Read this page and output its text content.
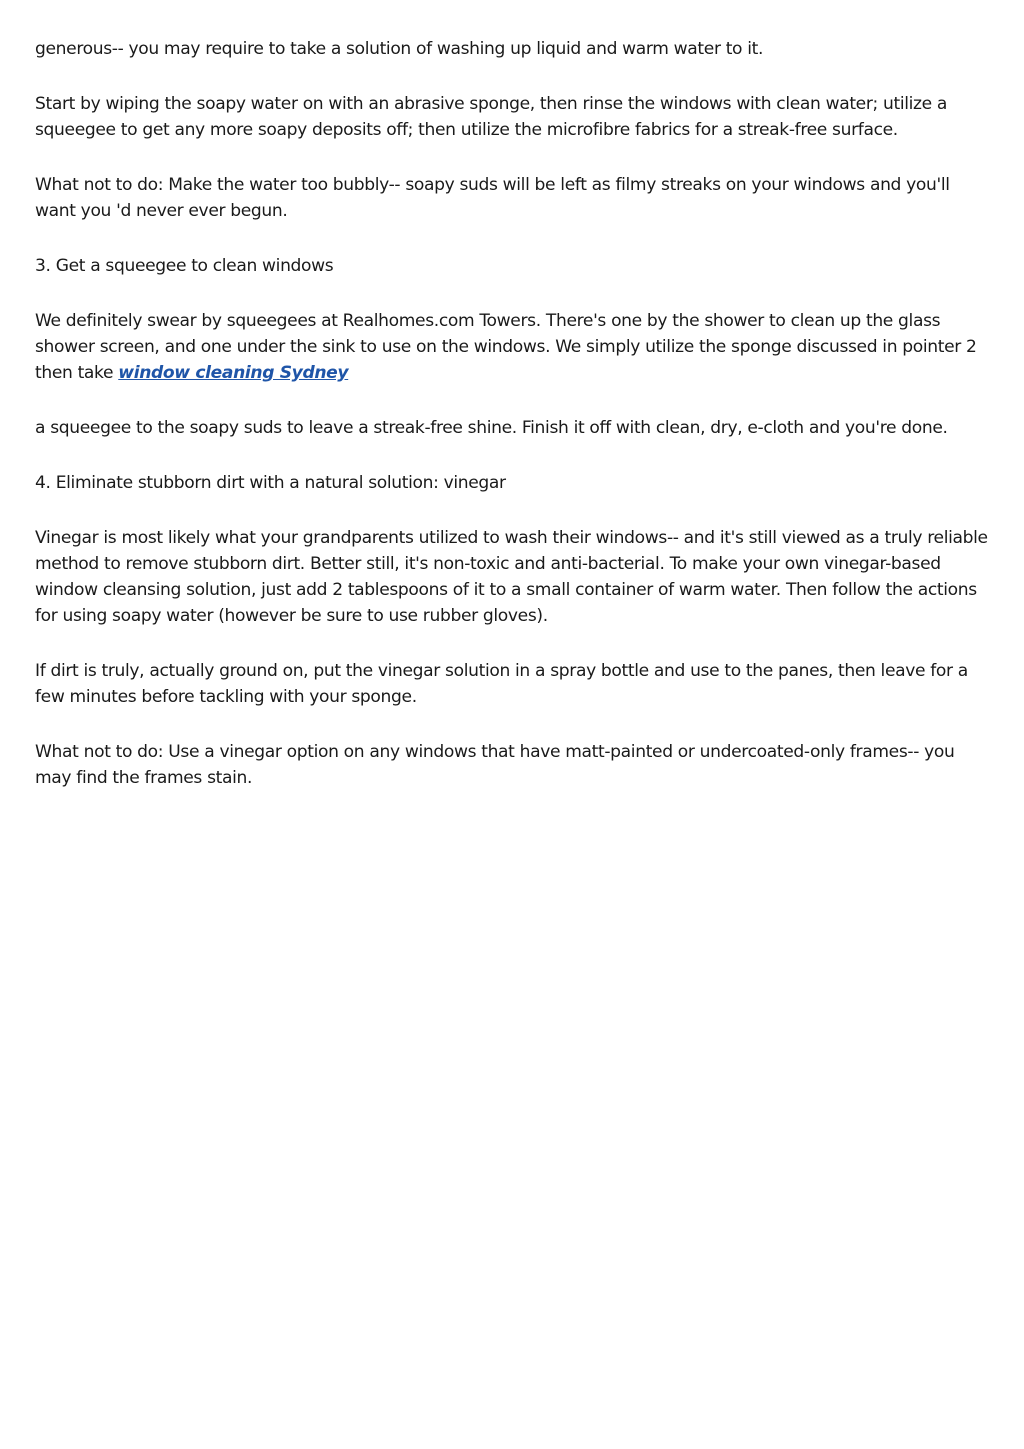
generous-- you may require to take a solution of washing up liquid and warm water to it.

Start by wiping the soapy water on with an abrasive sponge, then rinse the windows with clean water; utilize a squeegee to get any more soapy deposits off; then utilize the microfibre fabrics for a streak-free surface.

What not to do: Make the water too bubbly-- soapy suds will be left as filmy streaks on your windows and you'll want you 'd never ever begun.

3. Get a squeegee to clean windows

We definitely swear by squeegees at Realhomes.com Towers. There's one by the shower to clean up the glass shower screen, and one under the sink to use on the windows. We simply utilize the sponge discussed in pointer 2 then take window cleaning Sydney

a squeegee to the soapy suds to leave a streak-free shine. Finish it off with clean, dry, e-cloth and you're done.

4. Eliminate stubborn dirt with a natural solution: vinegar

Vinegar is most likely what your grandparents utilized to wash their windows-- and it's still viewed as a truly reliable method to remove stubborn dirt. Better still, it's non-toxic and anti-bacterial. To make your own vinegar-based window cleansing solution, just add 2 tablespoons of it to a small container of warm water. Then follow the actions for using soapy water (however be sure to use rubber gloves).

If dirt is truly, actually ground on, put the vinegar solution in a spray bottle and use to the panes, then leave for a few minutes before tackling with your sponge.

What not to do: Use a vinegar option on any windows that have matt-painted or undercoated-only frames-- you may find the frames stain.
